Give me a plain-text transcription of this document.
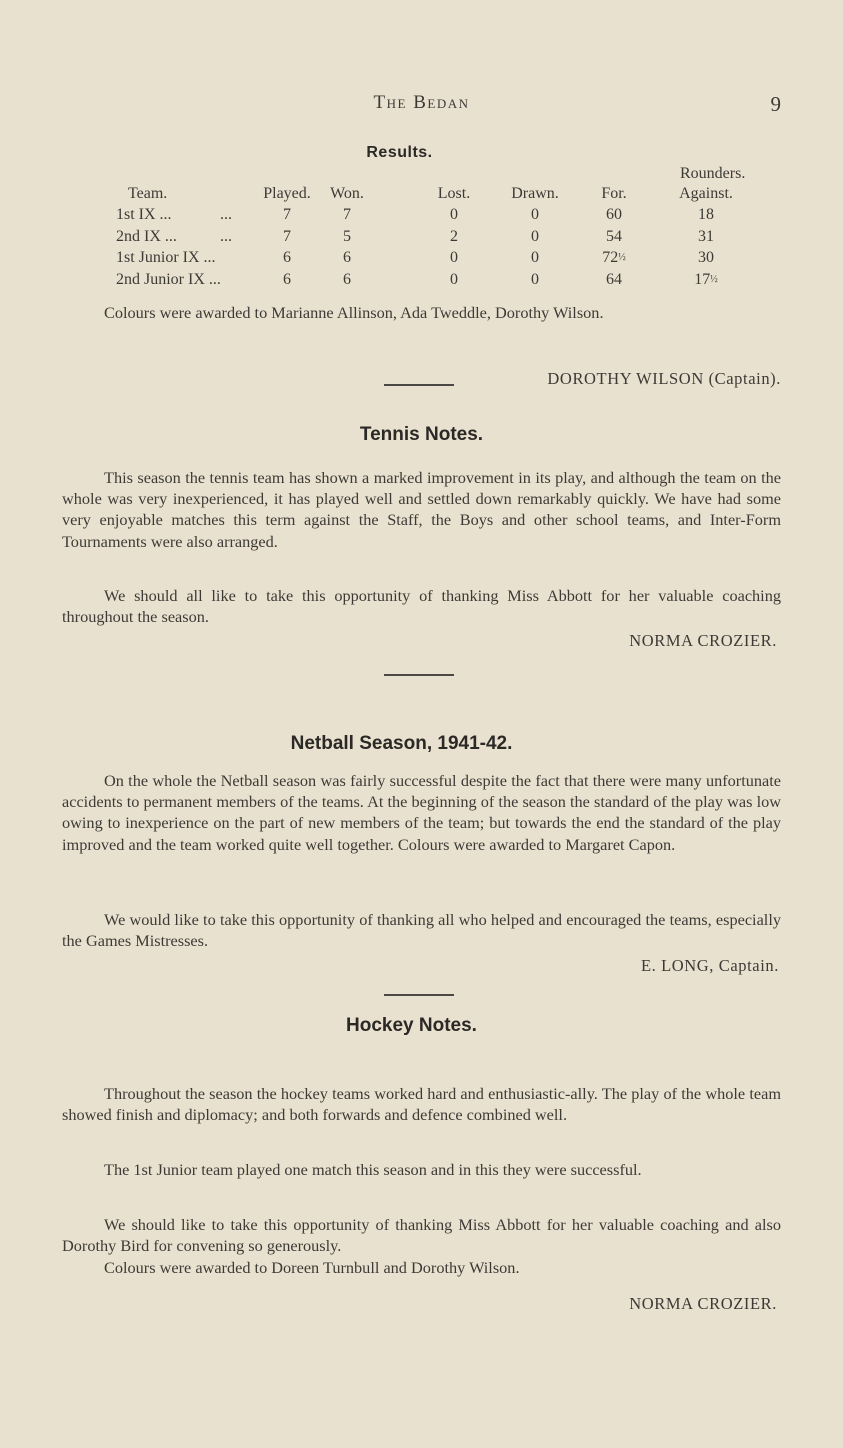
The Bedan	9
Results.
Rounders.
Team.	Played.	Won.	Lost.	Drawn.	For.	Against.
1st IX ...	...	7	7	0	0	60	18
2nd IX ...	...	7	5	2	0	54	31
1st Junior IX ...	6	6	0	0	72½	30
2nd Junior IX ...	6	6	0	0	64	17½

Colours were awarded to Marianne Allinson, Ada Tweddle, Dorothy Wilson.

DOROTHY WILSON (Captain).
Tennis Notes.

This season the tennis team has shown a marked improvement in its play, and although the team on the whole was very inexperienced, it has played well and settled down remarkably quickly. We have had some very enjoyable matches this term against the Staff, the Boys and other school teams, and Inter-Form Tournaments were also arranged.

We should all like to take this opportunity of thanking Miss Abbott for her valuable coaching throughout the season.

NORMA CROZIER.
Netball Season, 1941-42.

On the whole the Netball season was fairly successful despite the fact that there were many unfortunate accidents to permanent members of the teams. At the beginning of the season the standard of the play was low owing to inexperience on the part of new members of the team; but towards the end the standard of the play improved and the team worked quite well together. Colours were awarded to Margaret Capon.

We would like to take this opportunity of thanking all who helped and encouraged the teams, especially the Games Mistresses.

E. LONG, Captain.
Hockey Notes.

Throughout the season the hockey teams worked hard and enthusiastic-ally. The play of the whole team showed finish and diplomacy; and both forwards and defence combined well.

The 1st Junior team played one match this season and in this they were successful.

We should like to take this opportunity of thanking Miss Abbott for her valuable coaching and also Dorothy Bird for convening so generously.

Colours were awarded to Doreen Turnbull and Dorothy Wilson.

NORMA CROZIER.
